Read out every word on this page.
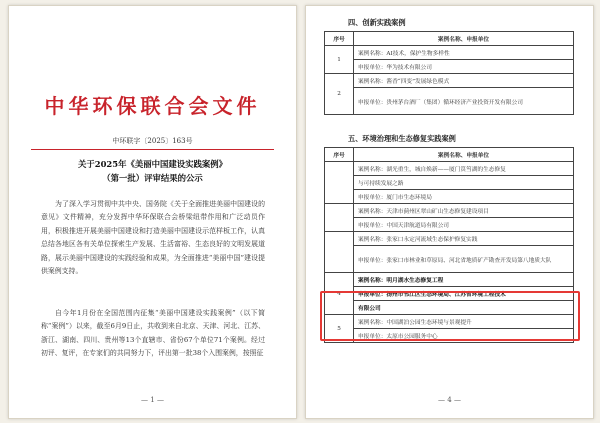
中华环保联合会文件
中环联字〔2025〕163号
关于2025年《美丽中国建设实践案例》
（第一批）评审结果的公示
为了深入学习贯彻中共中央、国务院《关于全面推进美丽中国建设的意见》文件精神，充分发挥中华环保联合会桥梁纽带作用和广泛动员作用，积极推进开展美丽中国建设和打造美丽中国建设示范样板工作，认真总结各地区各有关单位探索生产发展、生活富裕、生态良好的文明发展道路，展示美丽中国建设的实践经验和成果，为全面推进“美丽中国”建设提供案例支持。
自今年1月份在全国范围内征集“美丽中国建设实践案例”（以下简称“案例”）以来，截至6月9日止，共收到来自北京、天津、河北、江苏、浙江、湖南、四川、贵州等13个直辖市、省份67个单位71个案例。经过初评、复评，在专家们的共同努力下，评出第一批38个入围案例，按照征
— 1 —
四、创新实践案例
序号	案例名称、申报单位
1	案例名称：AI技术，保护生物多样性
	申报单位：华为技术有限公司
2	案例名称：酱香“四变”发展绿色模式
	申报单位：贵州茅台酒厂（集团）循环经济产业投资开发有限公司
五、环境治理和生态修复实践案例
序号	案例名称、申报单位
	案例名称：湖光重生，城自焕新——厦门筼筜湖的生态修复
	与可持续发展之路
	申报单位：厦门市生态环境局
	案例名称：天津市蓟州区翠山矿山生态修复建设项目
	申报单位：中国天津航道局有限公司
	案例名称：张家口永定河流域生态保护修复实践
	申报单位：张家口市林业和草原局、河北省地质矿产勘查开发局第八地质大队
4	案例名称：明月湖水生态修复工程
	申报单位：扬州市邗江区生态环境局、江苏省环境工程技术
	有限公司
5	案例名称：中国湖泊公园生态环境与景观提升
	申报单位：太原市公园服务中心
— 4 —
